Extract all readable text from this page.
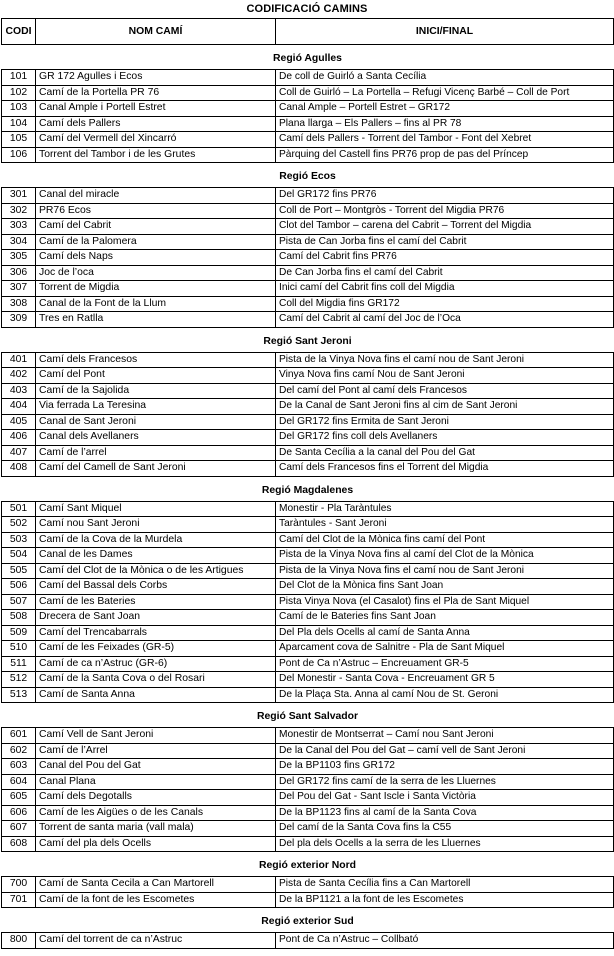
CODIFICACIÓ CAMINS
CODI	NOM CAMÍ	INICI/FINAL

Regió Agulles		
101	GR 172 Agulles i Ecos	De coll de Guirló a Santa Cecília
102	Camí de la Portella PR 76	Coll de Guirló – La Portella – Refugi Vicenç Barbé – Coll de Port
103	Canal Ample i Portell Estret	Canal Ample – Portell Estret – GR172
104	Camí dels Pallers	Plana llarga – Els Pallers – fins al PR 78
105	Camí del Vermell del Xincarró	Camí dels Pallers - Torrent del Tambor - Font del Xebret
106	Torrent del Tambor i de les Grutes	Pàrquing del Castell fins PR76 prop de pas del Príncep

Regió Ecos		
301	Canal del miracle	Del GR172 fins PR76
302	PR76 Ecos	Coll de Port – Montgròs - Torrent del Migdia PR76
303	Camí del Cabrit	Clot del Tambor – carena del Cabrit – Torrent del Migdia
304	Camí de la Palomera	Pista de Can Jorba fins el camí del Cabrit
305	Camí dels Naps	Camí del Cabrit fins PR76
306	Joc de l’oca	De Can Jorba fins el camí del Cabrit
307	Torrent de Migdia	Inici camí del Cabrit fins coll del Migdia
308	Canal de la Font de la Llum	Coll del Migdia fins GR172
309	Tres en Ratlla	Camí del Cabrit al camí del Joc de l’Oca

Regió Sant Jeroni		
401	Camí dels Francesos	Pista de la Vinya Nova fins el camí nou de Sant Jeroni
402	Camí del Pont	Vinya Nova fins camí Nou de Sant Jeroni
403	Camí de la Sajolida	Del camí del Pont al camí dels Francesos
404	Via ferrada La Teresina	De la Canal de Sant Jeroni fins al cim de Sant Jeroni
405	Canal de Sant Jeroni	Del GR172 fins Ermita de Sant Jeroni
406	Canal dels Avellaners	Del GR172 fins coll dels Avellaners
407	Camí de l’arrel	De Santa Cecília a la canal del Pou del Gat
408	Camí del Camell de Sant Jeroni	Camí dels Francesos fins el Torrent del Migdia

Regió Magdalenes		
501	Camí Sant Miquel	Monestir - Pla Taràntules
502	Camí nou Sant Jeroni	Taràntules - Sant Jeroni
503	Camí de la Cova de la Murdela	Camí del Clot de la Mònica fins camí del Pont
504	Canal de les Dames	Pista de la Vinya Nova fins al camí del Clot de la Mònica
505	Camí del Clot de la Mònica o de les Artigues	Pista de la Vinya Nova fins el camí nou de Sant Jeroni
506	Camí del Bassal dels Corbs	Del Clot de la Mònica fins Sant Joan
507	Camí de les Bateries	Pista Vinya Nova (el Casalot) fins el Pla de Sant Miquel
508	Drecera de Sant Joan	Camí de le Bateries fins Sant Joan
509	Camí del Trencabarrals	Del Pla dels Ocells al camí de Santa Anna
510	Camí de les Feixades (GR-5)	Aparcament cova de Salnitre - Pla de Sant Miquel
511	Camí de ca n’Astruc (GR-6)	Pont de Ca n’Astruc – Encreuament GR-5
512	Camí de la Santa Cova o del Rosari	Del Monestir - Santa Cova - Encreuament GR 5
513	Camí de Santa Anna	De la Plaça Sta. Anna al camí Nou de St. Geroni

Regió Sant Salvador		
601	Camí Vell de Sant Jeroni	Monestir de Montserrat – Camí nou Sant Jeroni
602	Camí de l’Arrel	De la Canal del Pou del Gat – camí vell de Sant Jeroni
603	Canal del Pou del Gat	De la BP1103 fins GR172
604	Canal Plana	Del GR172 fins camí de la serra de les Lluernes
605	Camí dels Degotalls	Del Pou del Gat - Sant Iscle i Santa Victòria
606	Camí de les Aigües o de les Canals	De la BP1123 fins al camí de la Santa Cova
607	Torrent de santa maria (vall mala)	Del camí de la Santa Cova fins la C55
608	Camí del pla dels Ocells	Del pla dels Ocells a la serra de les Lluernes

Regió exterior Nord		
700	Camí de Santa Cecila a Can Martorell	Pista de Santa Cecília fins a Can Martorell
701	Camí de la font de les Escometes	De la BP1121 a la font de les Escometes

Regió exterior Sud		
800	Camí del torrent de ca n’Astruc	Pont de Ca n’Astruc – Collbató
